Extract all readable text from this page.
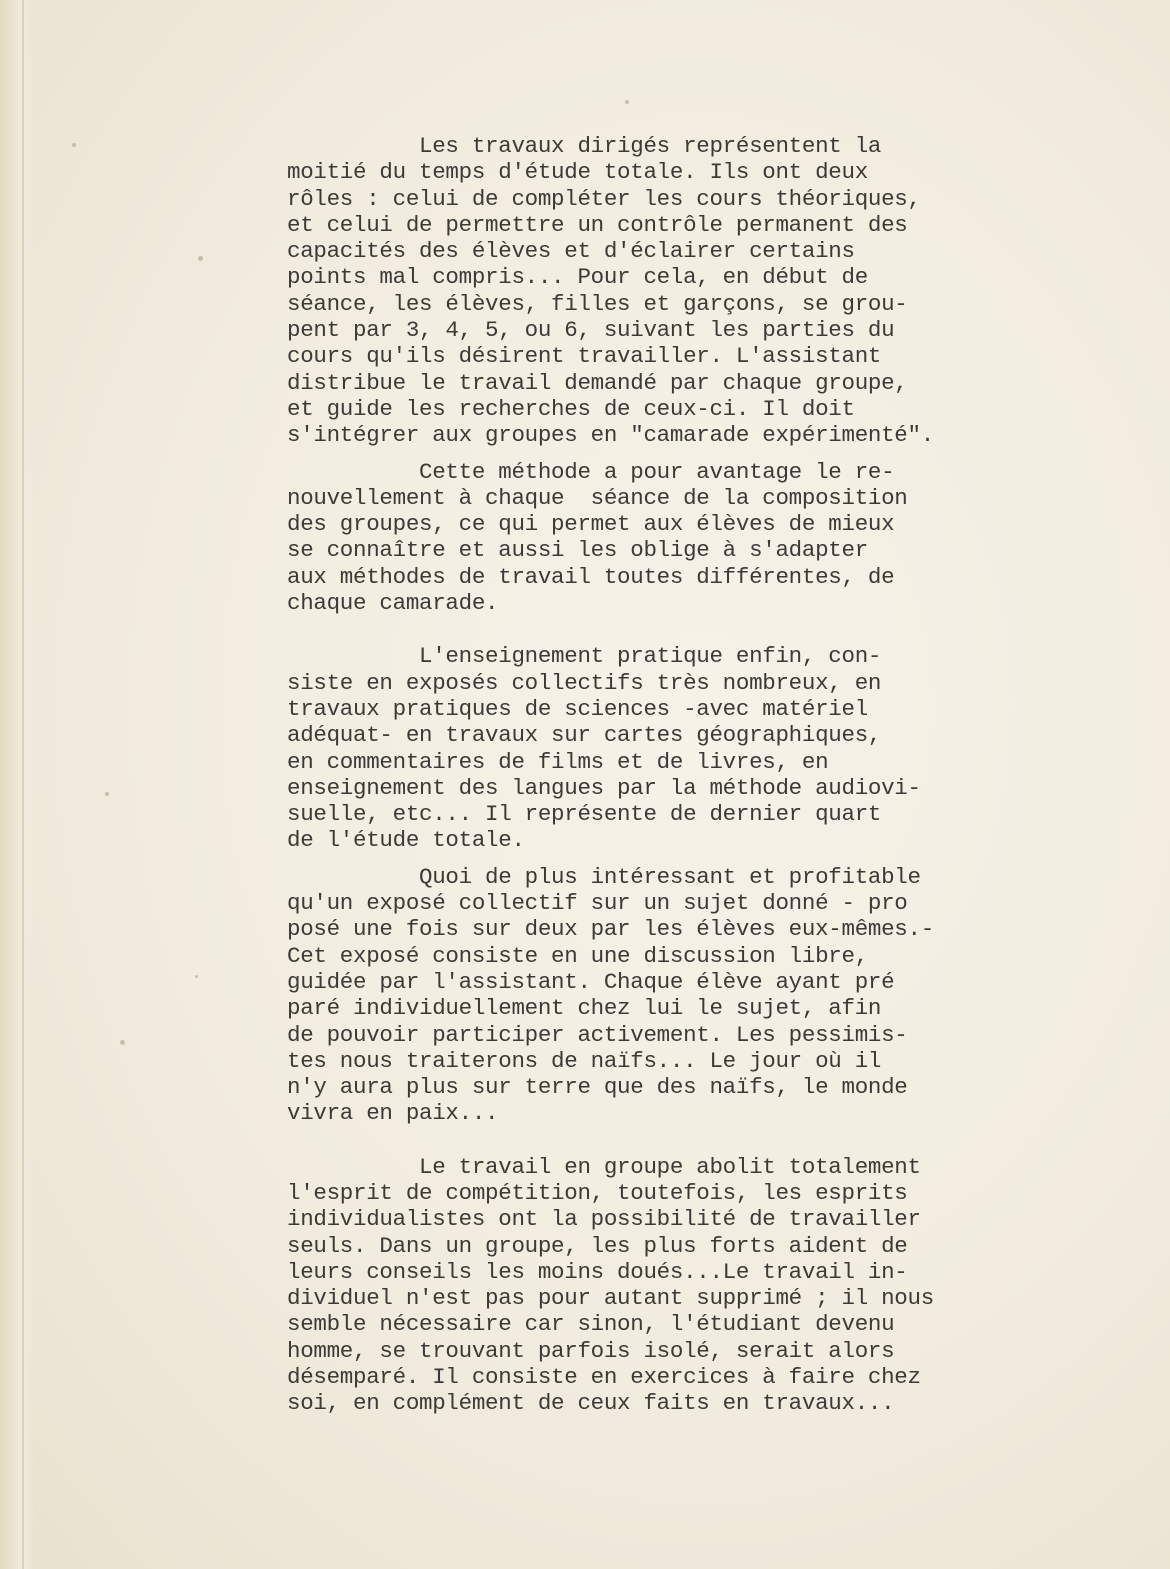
Les travaux dirigés représentent la
moitié du temps d'étude totale. Ils ont deux
rôles : celui de compléter les cours théoriques,
et celui de permettre un contrôle permanent des
capacités des élèves et d'éclairer certains
points mal compris... Pour cela, en début de
séance, les élèves, filles et garçons, se grou-
pent par 3, 4, 5, ou 6, suivant les parties du
cours qu'ils désirent travailler. L'assistant
distribue le travail demandé par chaque groupe,
et guide les recherches de ceux-ci. Il doit
s'intégrer aux groupes en "camarade expérimenté".
Cette méthode a pour avantage le re-
nouvellement à chaque  séance de la composition
des groupes, ce qui permet aux élèves de mieux
se connaître et aussi les oblige à s'adapter
aux méthodes de travail toutes différentes, de
chaque camarade.
L'enseignement pratique enfin, con-
siste en exposés collectifs très nombreux, en
travaux pratiques de sciences -avec matériel
adéquat- en travaux sur cartes géographiques,
en commentaires de films et de livres, en
enseignement des langues par la méthode audiovi-
suelle, etc... Il représente de dernier quart
de l'étude totale.
Quoi de plus intéressant et profitable
qu'un exposé collectif sur un sujet donné - pro
posé une fois sur deux par les élèves eux-mêmes.-
Cet exposé consiste en une discussion libre,
guidée par l'assistant. Chaque élève ayant pré
paré individuellement chez lui le sujet, afin
de pouvoir participer activement. Les pessimis-
tes nous traiterons de naïfs... Le jour où il
n'y aura plus sur terre que des naïfs, le monde
vivra en paix...
Le travail en groupe abolit totalement
l'esprit de compétition, toutefois, les esprits
individualistes ont la possibilité de travailler
seuls. Dans un groupe, les plus forts aident de
leurs conseils les moins doués...Le travail in-
dividuel n'est pas pour autant supprimé ; il nous
semble nécessaire car sinon, l'étudiant devenu
homme, se trouvant parfois isolé, serait alors
désemparé. Il consiste en exercices à faire chez
soi, en complément de ceux faits en travaux...
